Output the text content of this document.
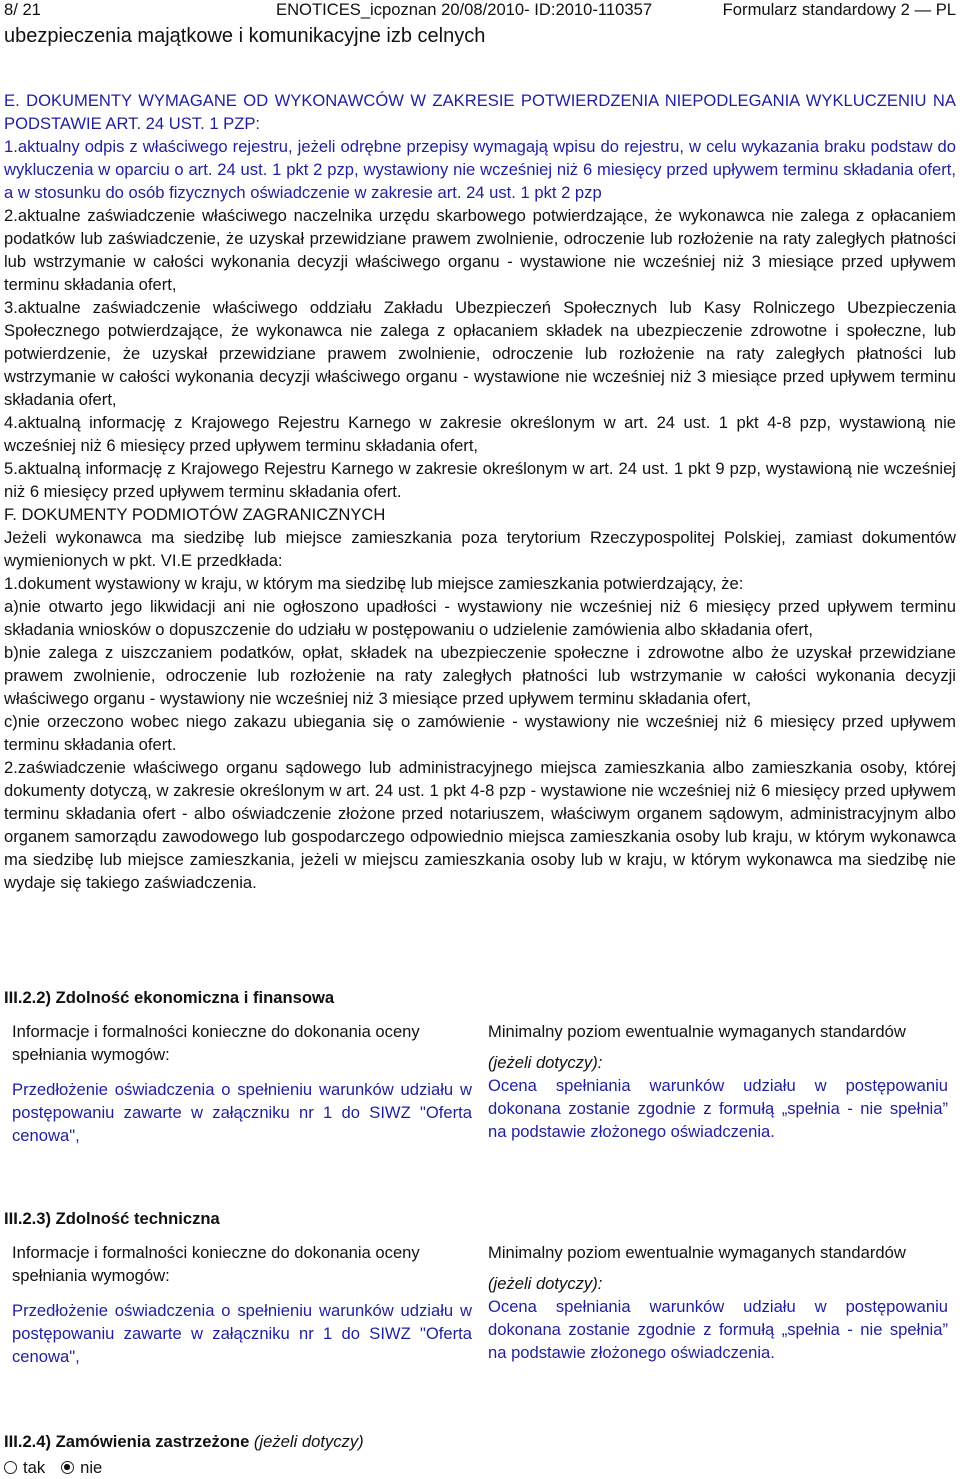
8/ 21	ENOTICES_icpoznan 20/08/2010- ID:2010-110357	Formularz standardowy 2 — PL
ubezpieczenia majątkowe i komunikacyjne izb celnych

E. DOKUMENTY WYMAGANE OD WYKONAWCÓW W ZAKRESIE POTWIERDZENIA NIEPODLEGANIA WYKLUCZENIU NA PODSTAWIE ART. 24 UST. 1 PZP:

1.aktualny odpis z właściwego rejestru, jeżeli odrębne przepisy wymagają wpisu do rejestru, w celu wykazania braku podstaw do wykluczenia w oparciu o art. 24 ust. 1 pkt 2 pzp, wystawiony nie wcześniej niż 6 miesięcy przed upływem terminu składania ofert, a w stosunku do osób fizycznych oświadczenie w zakresie art. 24 ust. 1 pkt 2 pzp

2.aktualne zaświadczenie właściwego naczelnika urzędu skarbowego potwierdzające, że wykonawca nie zalega z opłacaniem podatków lub zaświadczenie, że uzyskał przewidziane prawem zwolnienie, odroczenie lub rozłożenie na raty zaległych płatności lub wstrzymanie w całości wykonania decyzji właściwego organu - wystawione nie wcześniej niż 3 miesiące przed upływem terminu składania ofert,

3.aktualne zaświadczenie właściwego oddziału Zakładu Ubezpieczeń Społecznych lub Kasy Rolniczego Ubezpieczenia Społecznego potwierdzające, że wykonawca nie zalega z opłacaniem składek na ubezpieczenie zdrowotne i społeczne, lub potwierdzenie, że uzyskał przewidziane prawem zwolnienie, odroczenie lub rozłożenie na raty zaległych płatności lub wstrzymanie w całości wykonania decyzji właściwego organu - wystawione nie wcześniej niż 3 miesiące przed upływem terminu składania ofert,

4.aktualną informację z Krajowego Rejestru Karnego w zakresie określonym w art. 24 ust. 1 pkt 4-8 pzp, wystawioną nie wcześniej niż 6 miesięcy przed upływem terminu składania ofert,

5.aktualną informację z Krajowego Rejestru Karnego w zakresie określonym w art. 24 ust. 1 pkt 9 pzp, wystawioną nie wcześniej niż 6 miesięcy przed upływem terminu składania ofert.

F. DOKUMENTY PODMIOTÓW ZAGRANICZNYCH

Jeżeli wykonawca ma siedzibę lub miejsce zamieszkania poza terytorium Rzeczypospolitej Polskiej, zamiast dokumentów wymienionych w pkt. VI.E przedkłada:

1.dokument wystawiony w kraju, w którym ma siedzibę lub miejsce zamieszkania potwierdzający, że:

a)nie otwarto jego likwidacji ani nie ogłoszono upadłości - wystawiony nie wcześniej niż 6 miesięcy przed upływem terminu składania wniosków o dopuszczenie do udziału w postępowaniu o udzielenie zamówienia albo składania ofert,

b)nie zalega z uiszczaniem podatków, opłat, składek na ubezpieczenie społeczne i zdrowotne albo że uzyskał przewidziane prawem zwolnienie, odroczenie lub rozłożenie na raty zaległych płatności lub wstrzymanie w całości wykonania decyzji właściwego organu - wystawiony nie wcześniej niż 3 miesiące przed upływem terminu składania ofert,

c)nie orzeczono wobec niego zakazu ubiegania się o zamówienie - wystawiony nie wcześniej niż 6 miesięcy przed upływem terminu składania ofert.

2.zaświadczenie właściwego organu sądowego lub administracyjnego miejsca zamieszkania albo zamieszkania osoby, której dokumenty dotyczą, w zakresie określonym w art. 24 ust. 1 pkt 4-8 pzp - wystawione nie wcześniej niż 6 miesięcy przed upływem terminu składania ofert - albo oświadczenie złożone przed notariuszem, właściwym organem sądowym, administracyjnym albo organem samorządu zawodowego lub gospodarczego odpowiednio miejsca zamieszkania osoby lub kraju, w którym wykonawca ma siedzibę lub miejsce zamieszkania, jeżeli w miejscu zamieszkania osoby lub w kraju, w którym wykonawca ma siedzibę nie wydaje się takiego zaświadczenia.

III.2.2) Zdolność ekonomiczna i finansowa

Informacje i formalności konieczne do dokonania oceny spełniania wymogów:

Przedłożenie oświadczenia o spełnieniu warunków udziału w postępowaniu zawarte w załączniku nr 1 do SIWZ "Oferta cenowa",

Minimalny poziom ewentualnie wymaganych standardów

(jeżeli dotyczy):

Ocena spełniania warunków udziału w postępowaniu dokonana zostanie zgodnie z formułą „spełnia - nie spełnia” na podstawie złożonego oświadczenia.

III.2.3) Zdolność techniczna

Informacje i formalności konieczne do dokonania oceny spełniania wymogów:

Przedłożenie oświadczenia o spełnieniu warunków udziału w postępowaniu zawarte w załączniku nr 1 do SIWZ "Oferta cenowa",

Minimalny poziom ewentualnie wymaganych standardów

(jeżeli dotyczy):

Ocena spełniania warunków udziału w postępowaniu dokonana zostanie zgodnie z formułą „spełnia - nie spełnia” na podstawie złożonego oświadczenia.

III.2.4) Zamówienia zastrzeżone (jeżeli dotyczy)
tak nie
